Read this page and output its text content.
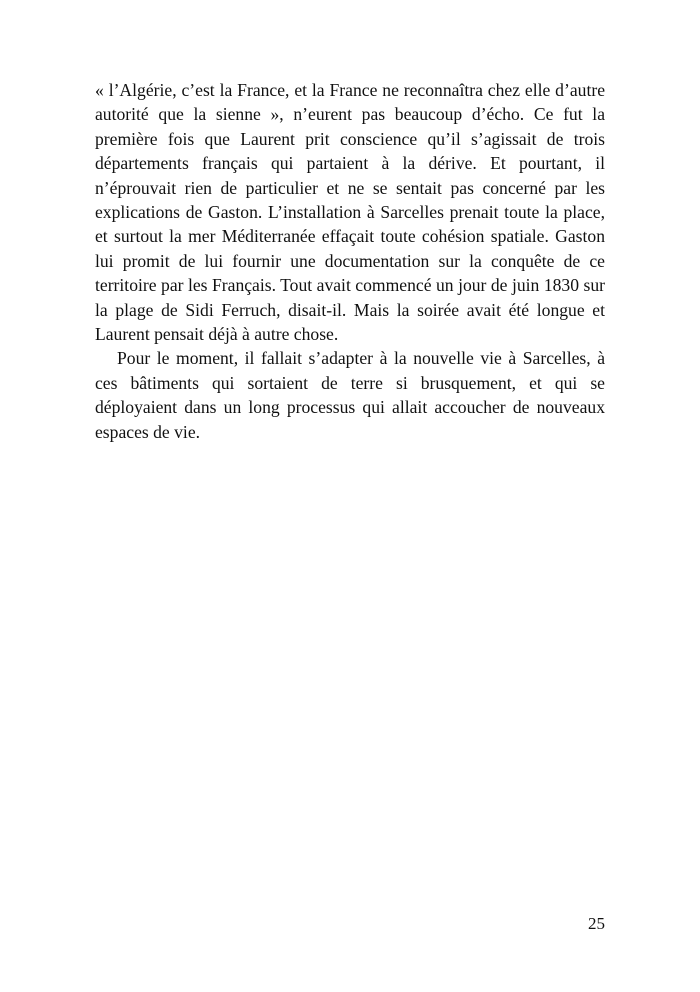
« l’Algérie, c’est la France, et la France ne reconnaîtra chez elle d’autre autorité que la sienne », n’eurent pas beaucoup d’écho. Ce fut la première fois que Laurent prit conscience qu’il s’agissait de trois départements français qui partaient à la dérive. Et pourtant, il n’éprouvait rien de particulier et ne se sentait pas concerné par les explications de Gaston. L’installation à Sarcelles prenait toute la place, et surtout la mer Méditerranée effaçait toute cohésion spatiale. Gaston lui promit de lui fournir une documentation sur la conquête de ce territoire par les Français. Tout avait commencé un jour de juin 1830 sur la plage de Sidi Ferruch, disait-il. Mais la soirée avait été longue et Laurent pensait déjà à autre chose.

Pour le moment, il fallait s’adapter à la nouvelle vie à Sarcelles, à ces bâtiments qui sortaient de terre si brusquement, et qui se déployaient dans un long processus qui allait accoucher de nouveaux espaces de vie.

25
